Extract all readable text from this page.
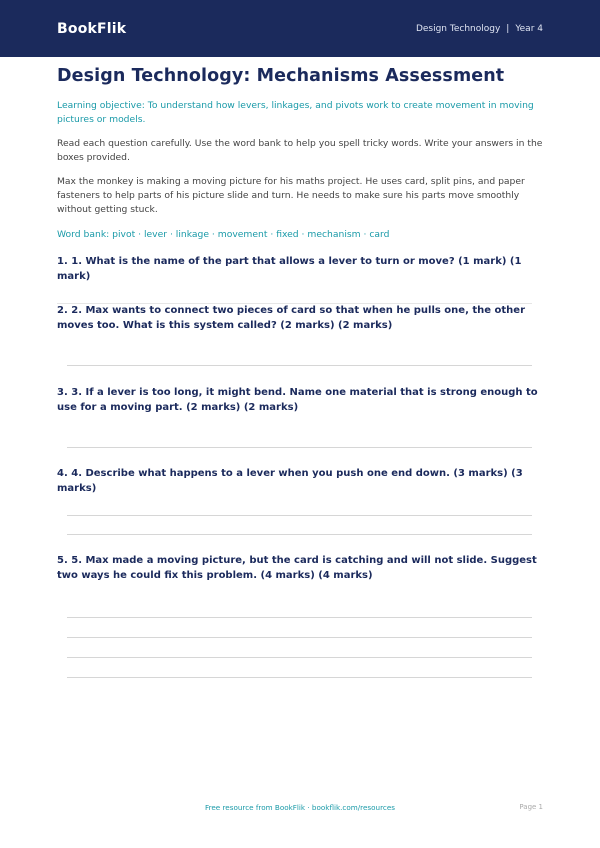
BookFlik	Design Technology | Year 4
Design Technology: Mechanisms Assessment
Learning objective: To understand how levers, linkages, and pivots work to create movement in moving pictures or models.
Read each question carefully. Use the word bank to help you spell tricky words. Write your answers in the boxes provided.
Max the monkey is making a moving picture for his maths project. He uses card, split pins, and paper fasteners to help parts of his picture slide and turn. He needs to make sure his parts move smoothly without getting stuck.
Word bank: pivot · lever · linkage · movement · fixed · mechanism · card
1. 1. What is the name of the part that allows a lever to turn or move? (1 mark) (1 mark)
2. 2. Max wants to connect two pieces of card so that when he pulls one, the other moves too. What is this system called? (2 marks) (2 marks)
3. 3. If a lever is too long, it might bend. Name one material that is strong enough to use for a moving part. (2 marks) (2 marks)
4. 4. Describe what happens to a lever when you push one end down. (3 marks) (3 marks)
5. 5. Max made a moving picture, but the card is catching and will not slide. Suggest two ways he could fix this problem. (4 marks) (4 marks)
Free resource from BookFlik · bookflik.com/resources	Page 1
